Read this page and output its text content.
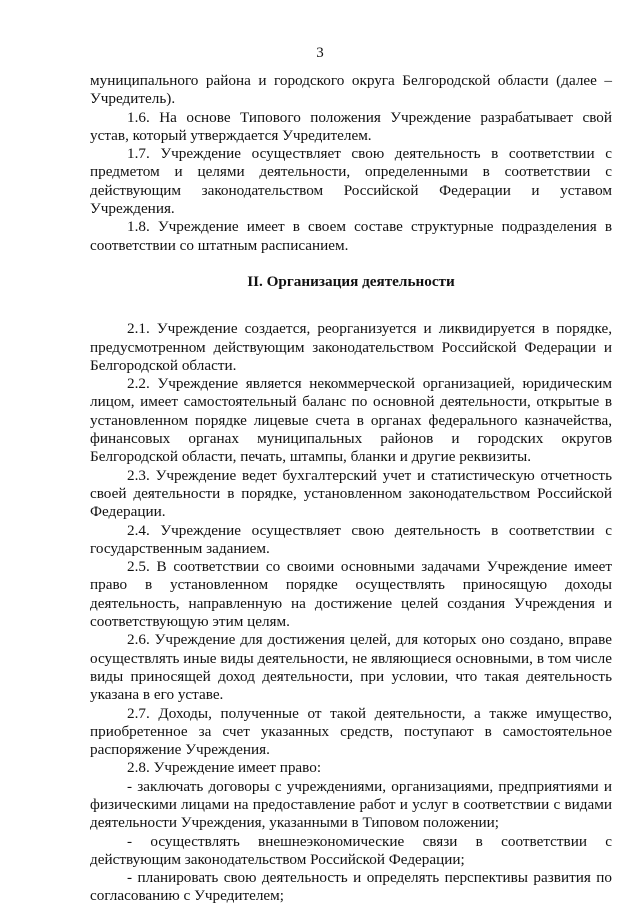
3

муниципального района и городского округа Белгородской области (далее – Учредитель).

1.6. На основе Типового положения Учреждение разрабатывает свой устав, который утверждается Учредителем.

1.7. Учреждение осуществляет свою деятельность в соответствии с предметом и целями деятельности, определенными в соответствии с действующим законодательством Российской Федерации и уставом Учреждения.

1.8. Учреждение имеет в своем составе структурные подразделения в соответствии со штатным расписанием.

II. Организация деятельности

2.1. Учреждение создается, реорганизуется и ликвидируется в порядке, предусмотренном действующим законодательством Российской Федерации и Белгородской области.

2.2. Учреждение является некоммерческой организацией, юридическим лицом, имеет самостоятельный баланс по основной деятельности, открытые в установленном порядке лицевые счета в органах федерального казначейства, финансовых органах муниципальных районов и городских округов Белгородской области, печать, штампы, бланки и другие реквизиты.

2.3. Учреждение ведет бухгалтерский учет и статистическую отчетность своей деятельности в порядке, установленном законодательством Российской Федерации.

2.4. Учреждение осуществляет свою деятельность в соответствии с государственным заданием.

2.5. В соответствии со своими основными задачами Учреждение имеет право в установленном порядке осуществлять приносящую доходы деятельность, направленную на достижение целей создания Учреждения и соответствующую этим целям.

2.6. Учреждение для достижения целей, для которых оно создано, вправе осуществлять иные виды деятельности, не являющиеся основными, в том числе виды приносящей доход деятельности, при условии, что такая деятельность указана в его уставе.

2.7. Доходы, полученные от такой деятельности, а также имущество, приобретенное за счет указанных средств, поступают в самостоятельное распоряжение Учреждения.

2.8. Учреждение имеет право:

- заключать договоры с учреждениями, организациями, предприятиями и физическими лицами на предоставление работ и услуг в соответствии с видами деятельности Учреждения, указанными в Типовом положении;

- осуществлять внешнеэкономические связи в соответствии с действующим законодательством Российской Федерации;

- планировать свою деятельность и определять перспективы развития по согласованию с Учредителем;
